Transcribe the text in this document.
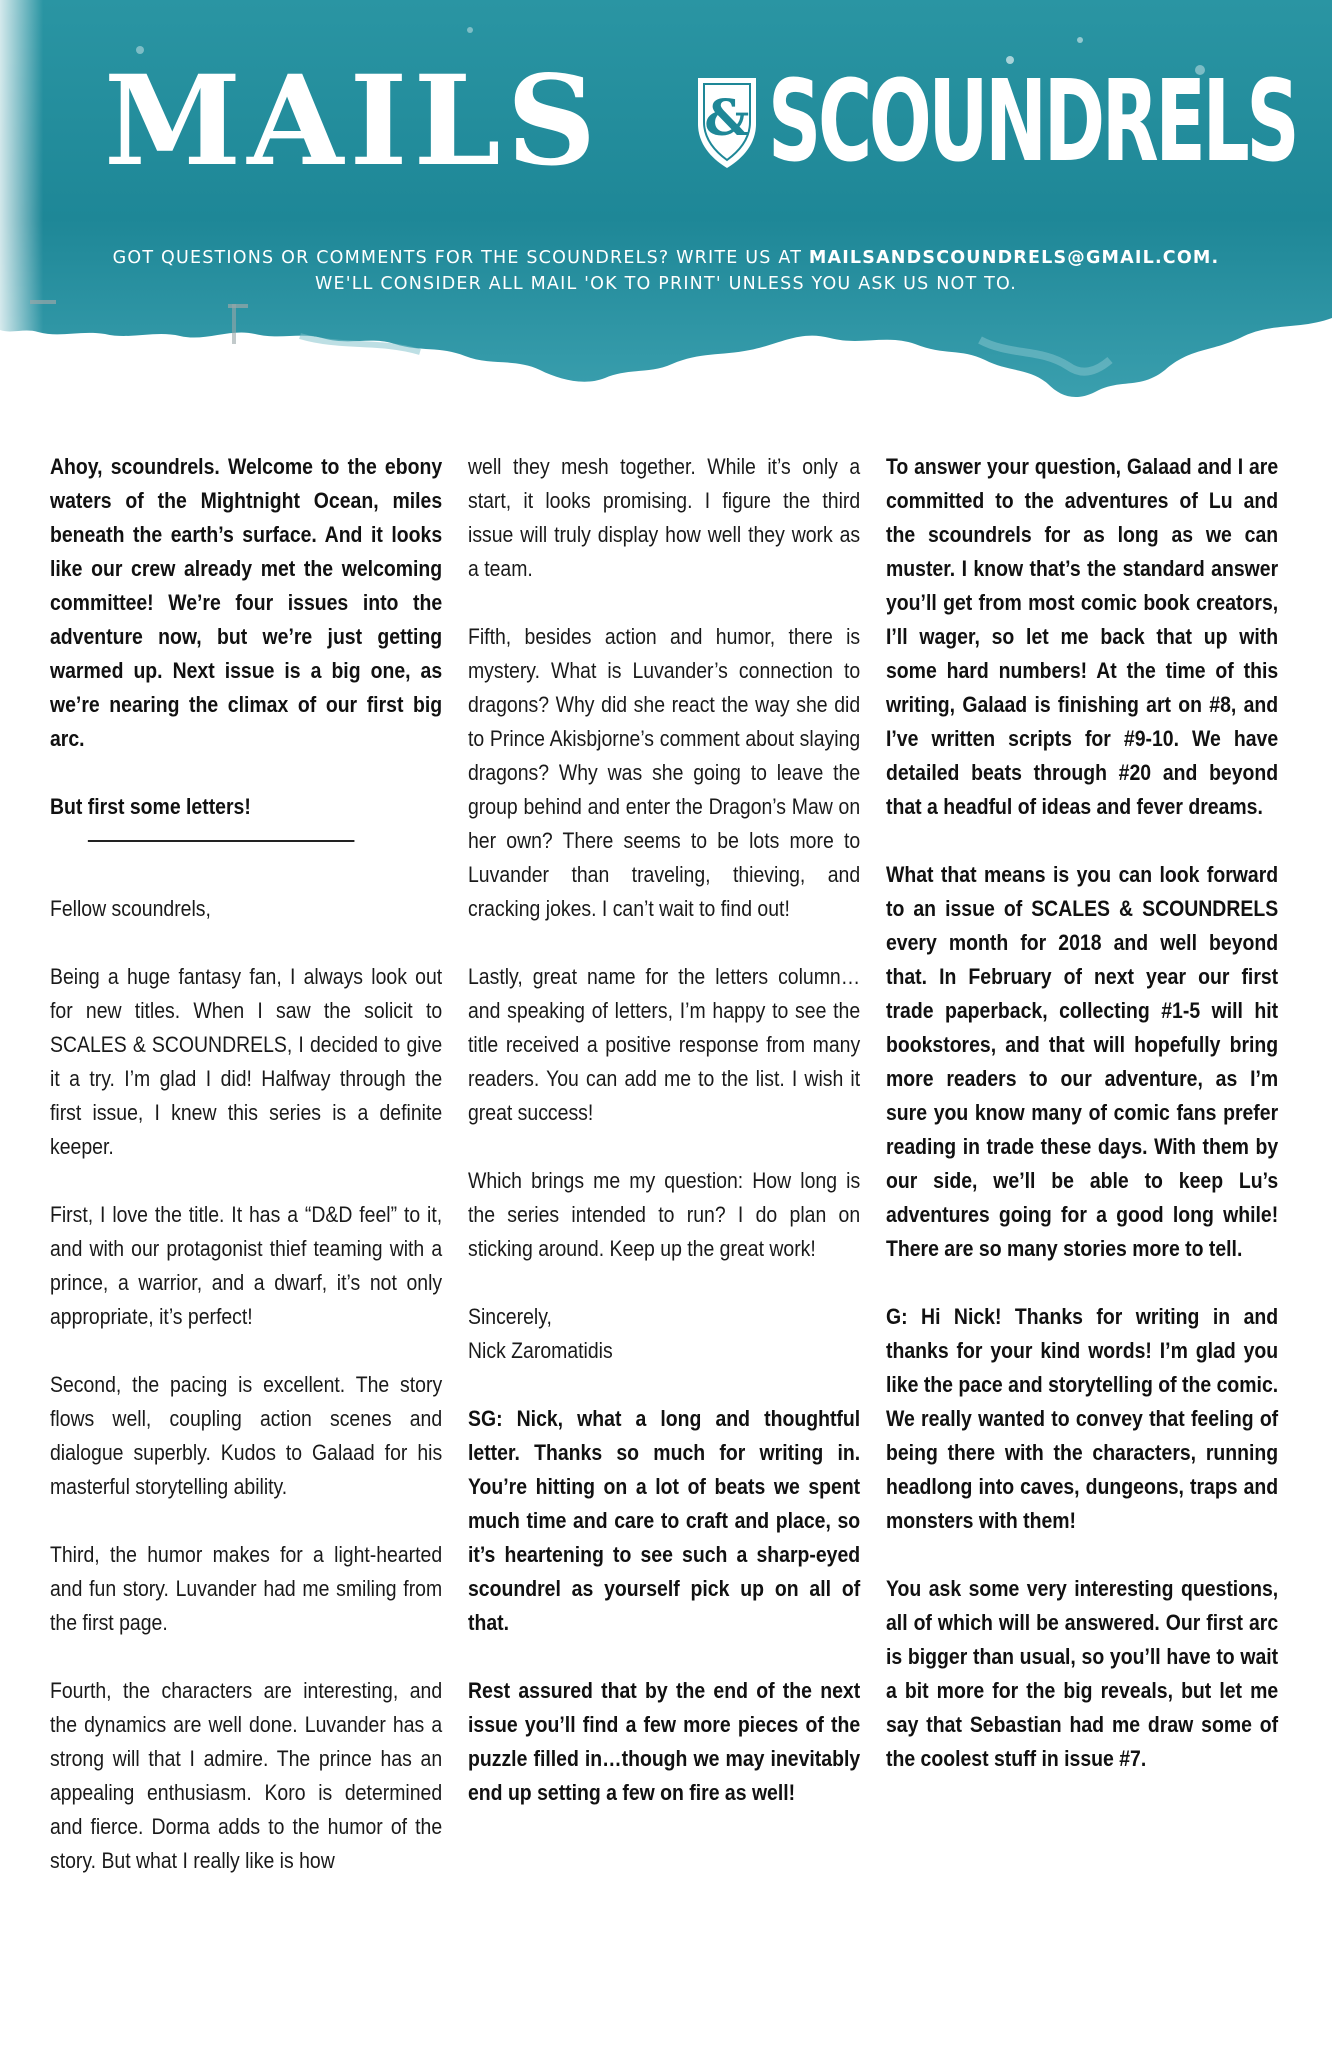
MAILS & SCOUNDRELS
GOT QUESTIONS OR COMMENTS FOR THE SCOUNDRELS? WRITE US AT MAILSANDSCOUNDRELS@GMAIL.COM.
WE'LL CONSIDER ALL MAIL 'OK TO PRINT' UNLESS YOU ASK US NOT TO.

Ahoy, scoundrels. Welcome to the ebony waters of the Mightnight Ocean, miles beneath the earth’s surface. And it looks like our crew already met the welcoming committee! We’re four issues into the adventure now, but we’re just getting warmed up. Next issue is a big one, as we’re nearing the climax of our first big arc.

But first some letters!

Fellow scoundrels,

Being a huge fantasy fan, I always look out for new titles. When I saw the solicit to SCALES & SCOUNDRELS, I decided to give it a try. I’m glad I did! Halfway through the first issue, I knew this series is a definite keeper.

First, I love the title. It has a “D&D feel” to it, and with our protagonist thief teaming with a prince, a warrior, and a dwarf, it’s not only appropriate, it’s perfect!

Second, the pacing is excellent. The story flows well, coupling action scenes and dialogue superbly. Kudos to Galaad for his masterful storytelling ability.

Third, the humor makes for a light-hearted and fun story. Luvander had me smiling from the first page.

Fourth, the characters are interesting, and the dynamics are well done. Luvander has a strong will that I admire. The prince has an appealing enthusiasm. Koro is determined and fierce. Dorma adds to the humor of the story. But what I really like is how

well they mesh together. While it’s only a start, it looks promising. I figure the third issue will truly display how well they work as a team.

Fifth, besides action and humor, there is mystery. What is Luvander’s connection to dragons? Why did she react the way she did to Prince Akisbjorne’s comment about slaying dragons? Why was she going to leave the group behind and enter the Dragon’s Maw on her own? There seems to be lots more to Luvander than traveling, thieving, and cracking jokes. I can’t wait to find out!

Lastly, great name for the letters column… and speaking of letters, I’m happy to see the title received a positive response from many readers. You can add me to the list. I wish it great success!

Which brings me my question: How long is the series intended to run? I do plan on sticking around. Keep up the great work!

Sincerely,

Nick Zaromatidis

SG: Nick, what a long and thoughtful letter. Thanks so much for writing in. You’re hitting on a lot of beats we spent much time and care to craft and place, so it’s heartening to see such a sharp-eyed scoundrel as yourself pick up on all of that.

Rest assured that by the end of the next issue you’ll find a few more pieces of the puzzle filled in…though we may inevitably end up setting a few on fire as well!

To answer your question, Galaad and I are committed to the adventures of Lu and the scoundrels for as long as we can muster. I know that’s the standard answer you’ll get from most comic book creators, I’ll wager, so let me back that up with some hard numbers! At the time of this writing, Galaad is finishing art on #8, and I’ve written scripts for #9-10. We have detailed beats through #20 and beyond that a headful of ideas and fever dreams.

What that means is you can look forward to an issue of SCALES & SCOUNDRELS every month for 2018 and well beyond that. In February of next year our first trade paperback, collecting #1-5 will hit bookstores, and that will hopefully bring more readers to our adventure, as I’m sure you know many of comic fans prefer reading in trade these days. With them by our side, we’ll be able to keep Lu’s adventures going for a good long while! There are so many stories more to tell.

G: Hi Nick! Thanks for writing in and thanks for your kind words! I’m glad you like the pace and storytelling of the comic. We really wanted to convey that feeling of being there with the characters, running headlong into caves, dungeons, traps and monsters with them!

You ask some very interesting questions, all of which will be answered. Our first arc is bigger than usual, so you’ll have to wait a bit more for the big reveals, but let me say that Sebastian had me draw some of the coolest stuff in issue #7.
